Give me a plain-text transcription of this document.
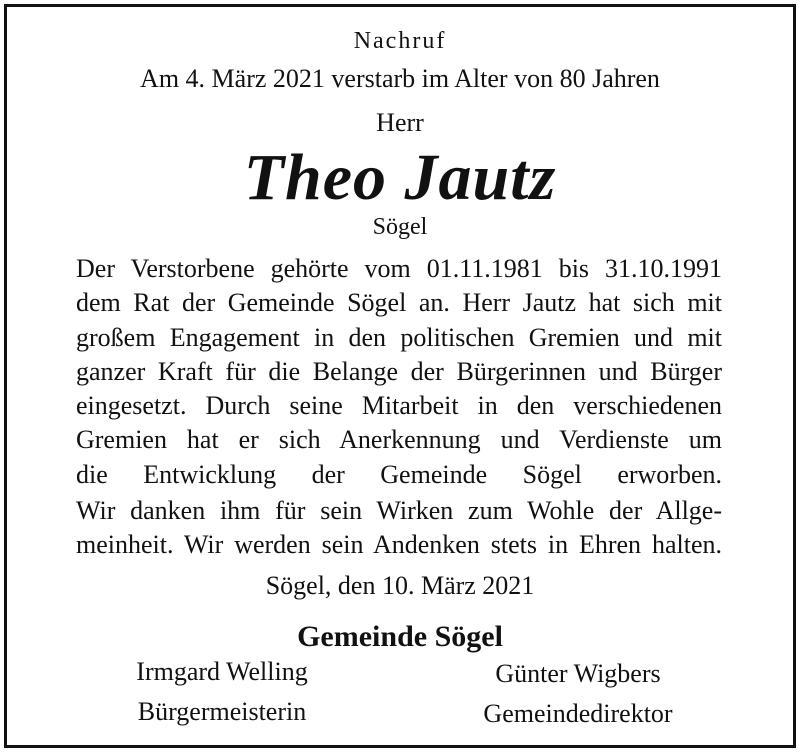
Nachruf
Am 4. März 2021 verstarb im Alter von 80 Jahren
Herr
Theo Jautz
Sögel
Der Verstorbene gehörte vom 01.11.1981 bis 31.10.1991
dem Rat der Gemeinde Sögel an. Herr Jautz hat sich mit
großem Engagement in den politischen Gremien und mit
ganzer Kraft für die Belange der Bürgerinnen und Bürger
eingesetzt. Durch seine Mitarbeit in den verschiedenen
Gremien hat er sich Anerkennung und Verdienste um
die Entwicklung der Gemeinde Sögel erworben.
Wir danken ihm für sein Wirken zum Wohle der Allge-
meinheit. Wir werden sein Andenken stets in Ehren halten.
Sögel, den 10. März 2021
Gemeinde Sögel
Irmgard Welling
Bürgermeisterin
Günter Wigbers
Gemeindedirektor
